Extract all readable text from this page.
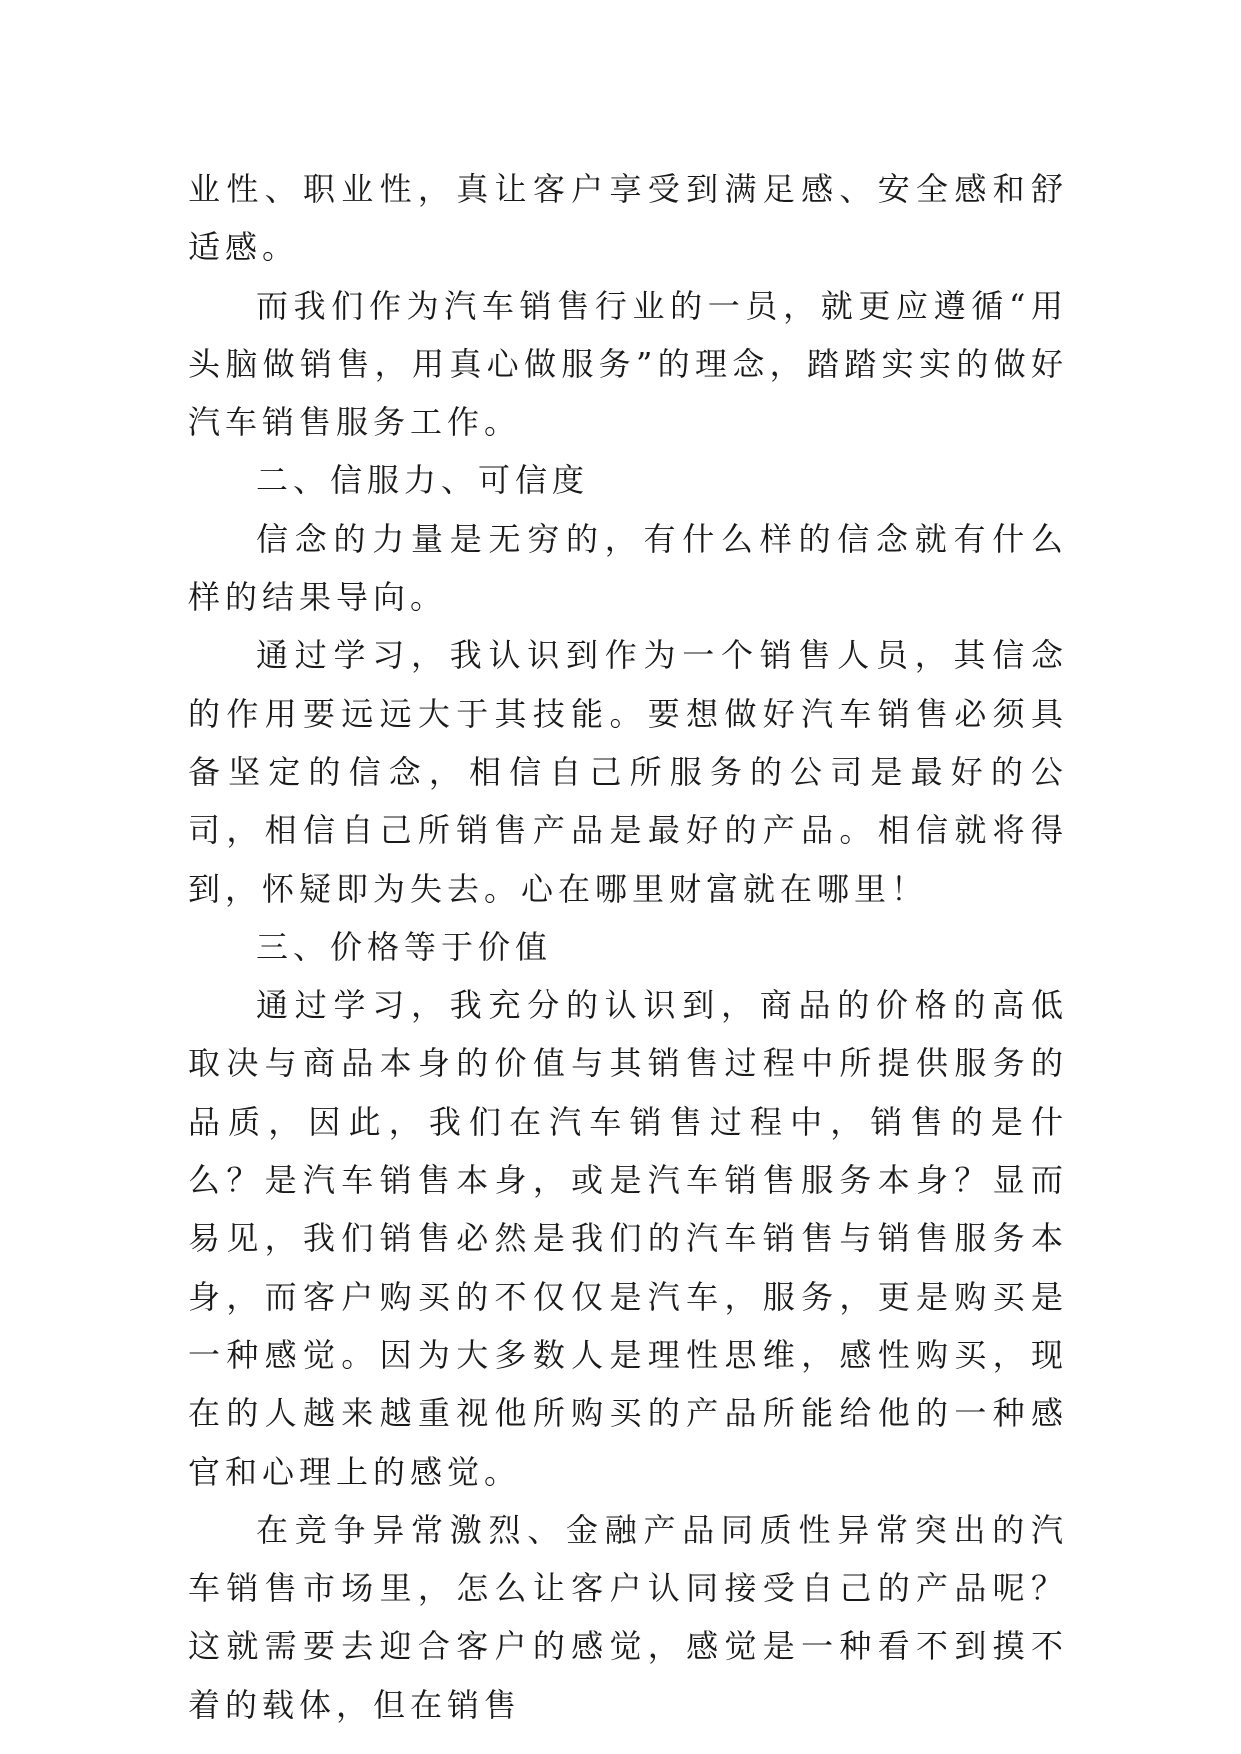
业性、职业性，真让客户享受到满足感、安全感和舒适感。

而我们作为汽车销售行业的一员，就更应遵循“用头脑做销售，用真心做服务”的理念，踏踏实实的做好汽车销售服务工作。

二、信服力、可信度

信念的力量是无穷的，有什么样的信念就有什么样的结果导向。

通过学习，我认识到作为一个销售人员，其信念的作用要远远大于其技能。要想做好汽车销售必须具备坚定的信念，相信自己所服务的公司是最好的公司，相信自己所销售产品是最好的产品。相信就将得到，怀疑即为失去。心在哪里财富就在哪里！

三、价格等于价值

通过学习，我充分的认识到，商品的价格的高低取决与商品本身的价值与其销售过程中所提供服务的品质，因此，我们在汽车销售过程中，销售的是什么？是汽车销售本身，或是汽车销售服务本身？显而易见，我们销售必然是我们的汽车销售与销售服务本身，而客户购买的不仅仅是汽车，服务，更是购买是一种感觉。因为大多数人是理性思维，感性购买，现在的人越来越重视他所购买的产品所能给他的一种感官和心理上的感觉。

在竞争异常激烈、金融产品同质性异常突出的汽车销售市场里，怎么让客户认同接受自己的产品呢？这就需要去迎合客户的感觉，感觉是一种看不到摸不着的载体，但在销售
